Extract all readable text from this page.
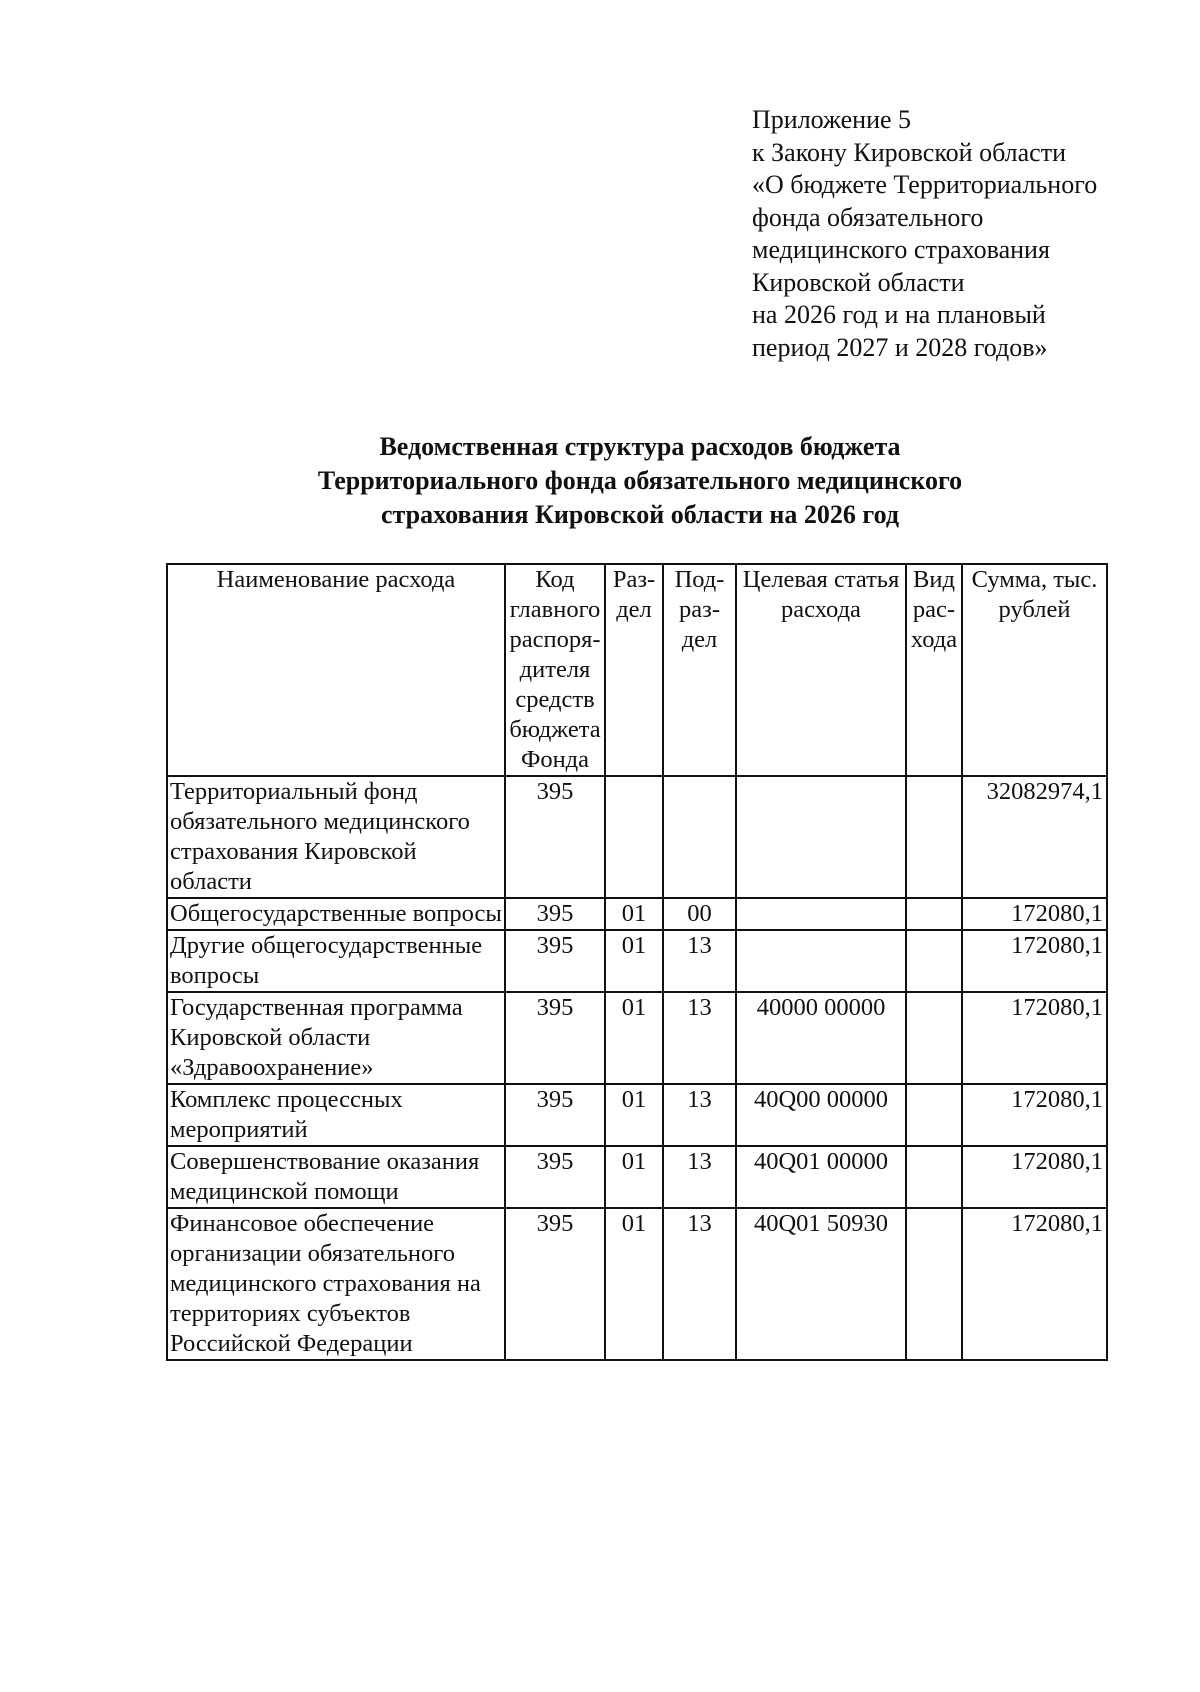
Приложение 5
к Закону Кировской области
«О бюджете Территориального
фонда обязательного
медицинского страхования
Кировской области
на 2026 год и на плановый
период 2027 и 2028 годов»
Ведомственная структура расходов бюджета
Территориального фонда обязательного медицинского
страхования Кировской области на 2026 год
Наименование расхода	Код главного распоря- дителя средств бюджета Фонда	Раз- дел	Под- раз- дел	Целевая статья расхода	Вид рас- хода	Сумма, тыс. рублей
Территориальный фонд обязательного медицинского страхования Кировской области	395					32082974,1
Общегосударственные вопросы	395	01	00			172080,1
Другие общегосударственные вопросы	395	01	13			172080,1
Государственная программа Кировской области «Здравоохранение»	395	01	13	40000 00000		172080,1
Комплекс процессных мероприятий	395	01	13	40Q00 00000		172080,1
Совершенствование оказания медицинской помощи	395	01	13	40Q01 00000		172080,1
Финансовое обеспечение организации обязательного медицинского страхования на территориях субъектов Российской Федерации	395	01	13	40Q01 50930		172080,1
